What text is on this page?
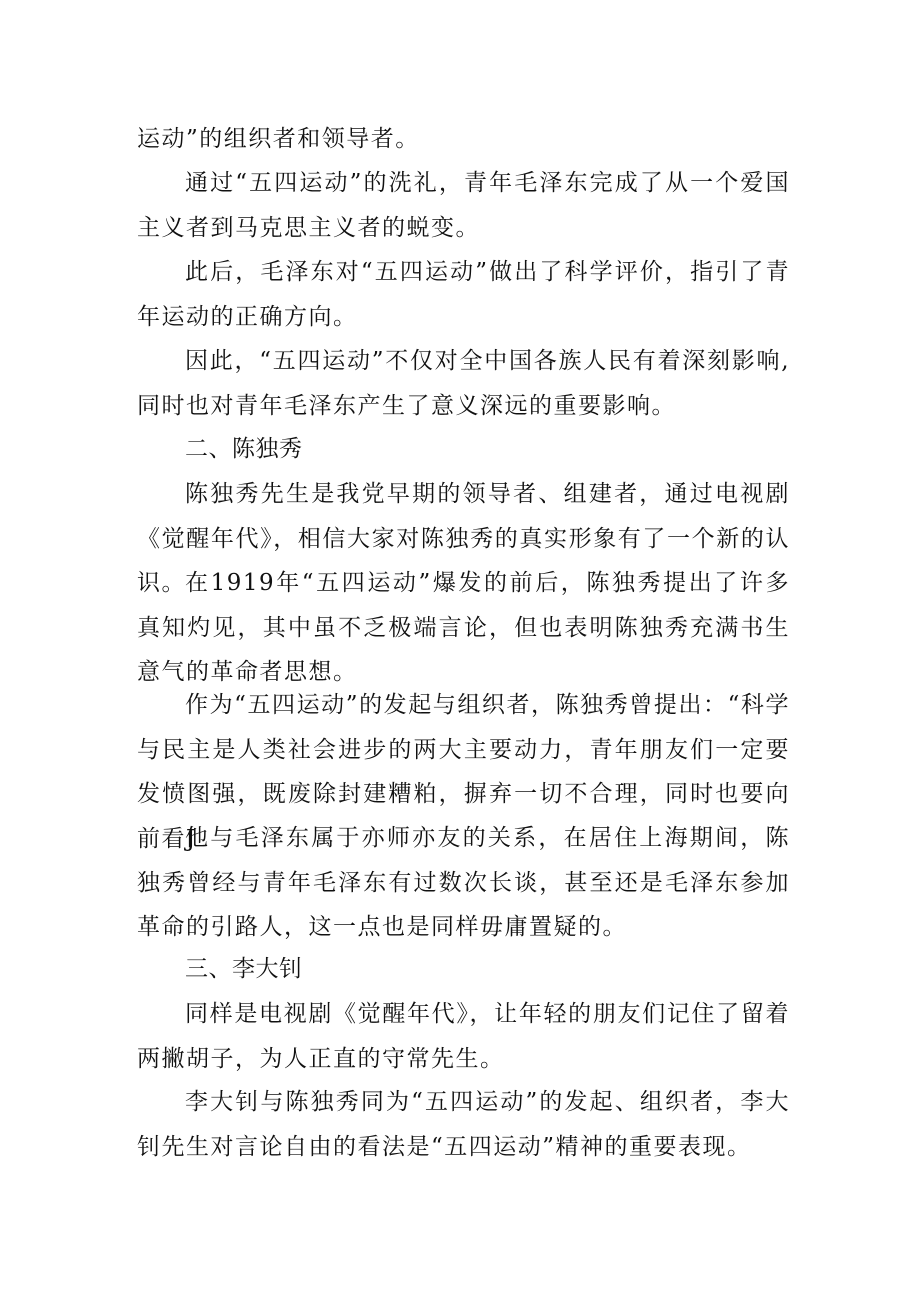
运动”的组织者和领导者。

通过“五四运动”的洗礼，青年毛泽东完成了从一个爱国主义者到马克思主义者的蜕变。

此后，毛泽东对“五四运动”做出了科学评价，指引了青年运动的正确方向。

因此，“五四运动”不仅对全中国各族人民有着深刻影响,同时也对青年毛泽东产生了意义深远的重要影响。

二、陈独秀

陈独秀先生是我党早期的领导者、组建者，通过电视剧《觉醒年代》，相信大家对陈独秀的真实形象有了一个新的认识。 在1919年“五四运动”爆发的前后，陈独秀提出了许多真知灼见，其中虽不乏极端言论，但也表明陈独秀充满书生意气的革命者思想。

作为“五四运动”的发起与组织者，陈独秀曾提出：“科学与民主是人类社会进步的两大主要动力，青年朋友们一定要发愤图强，既废除封建糟粕，摒弃一切不合理，同时也要向前看J

他与毛泽东属于亦师亦友的关系，在居住上海期间，陈独秀曾经与青年毛泽东有过数次长谈，甚至还是毛泽东参加革命的引路人，这一点也是同样毋庸置疑的。

三、李大钊

同样是电视剧《觉醒年代》，让年轻的朋友们记住了留着两撇胡子，为人正直的守常先生。

李大钊与陈独秀同为“五四运动”的发起、组织者，李大钊先生对言论自由的看法是“五四运动”精神的重要表现。
